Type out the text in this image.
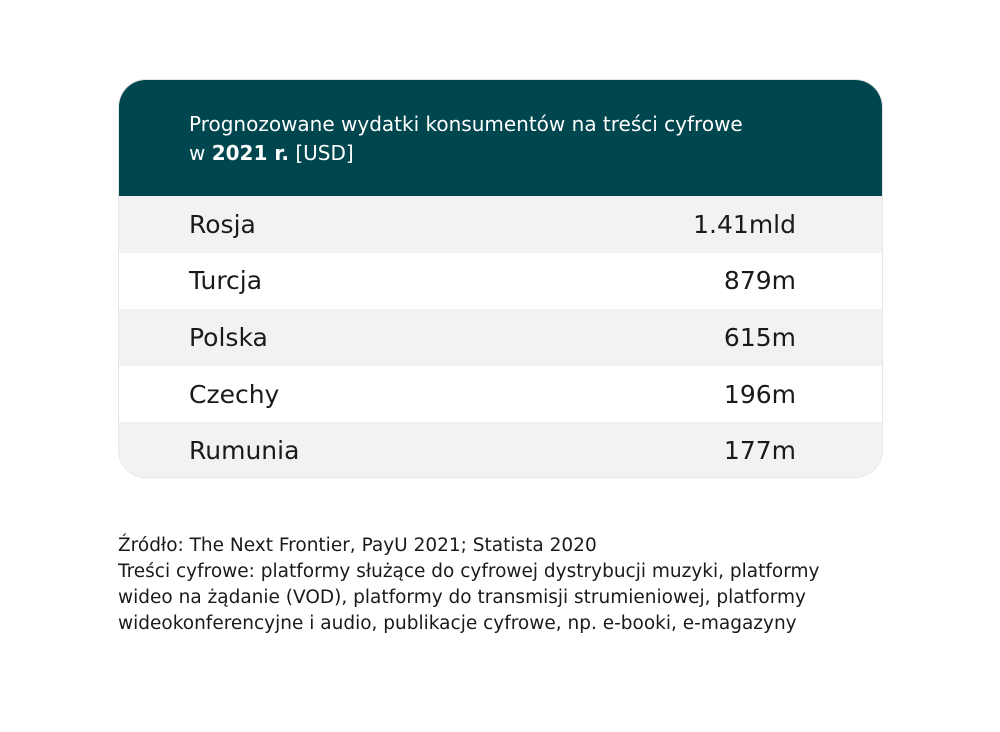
Prognozowane wydatki konsumentów na treści cyfrowe
w 2021 r. [USD]
Rosja	1.41mld
Turcja	879m
Polska	615m
Czechy	196m
Rumunia	177m
Źródło: The Next Frontier, PayU 2021; Statista 2020
Treści cyfrowe: platformy służące do cyfrowej dystrybucji muzyki, platformy
wideo na żądanie (VOD), platformy do transmisji strumieniowej, platformy
wideokonferencyjne i audio, publikacje cyfrowe, np. e-booki, e-magazyny
